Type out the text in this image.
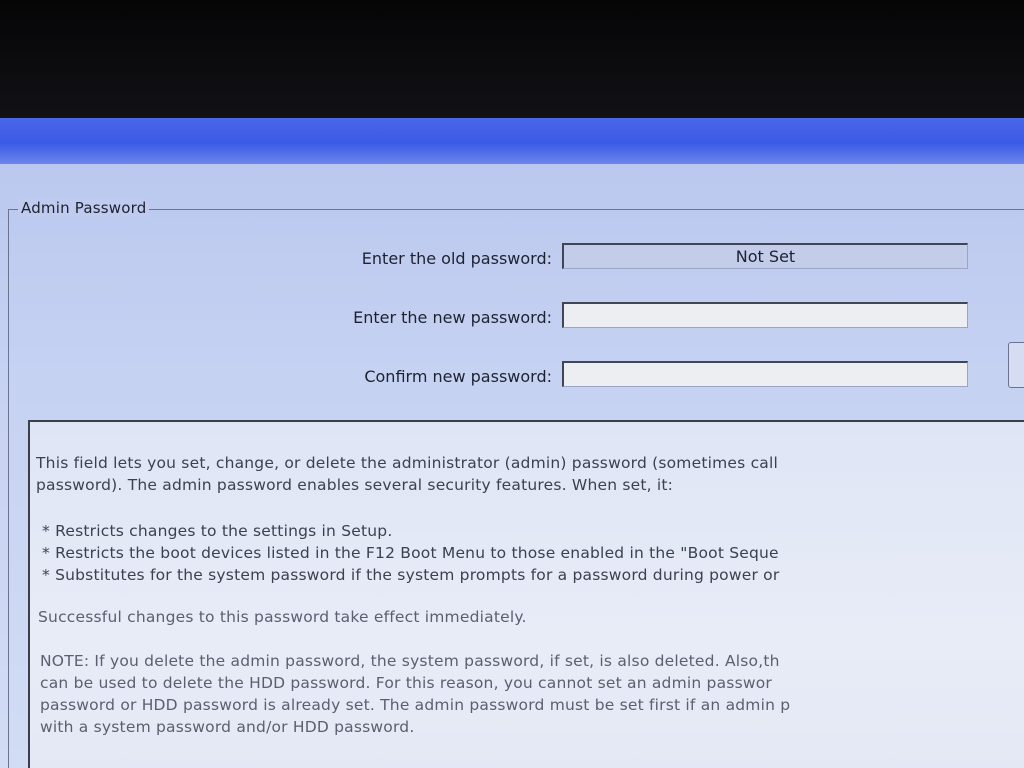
Admin Password
Enter the old password:	Not Set
Enter the new password:
Confirm new password:
This field lets you set, change, or delete the administrator (admin) password (sometimes call
password). The admin password enables several security features. When set, it:
* Restricts changes to the settings in Setup.
* Restricts the boot devices listed in the F12 Boot Menu to those enabled in the "Boot Seque
* Substitutes for the system password if the system prompts for a password during power or
Successful changes to this password take effect immediately.
NOTE: If you delete the admin password, the system password, if set, is also deleted. Also,th
can be used to delete the HDD password. For this reason, you cannot set an admin passwor
password or HDD password is already set. The admin password must be set first if an admin p
with a system password and/or HDD password.
